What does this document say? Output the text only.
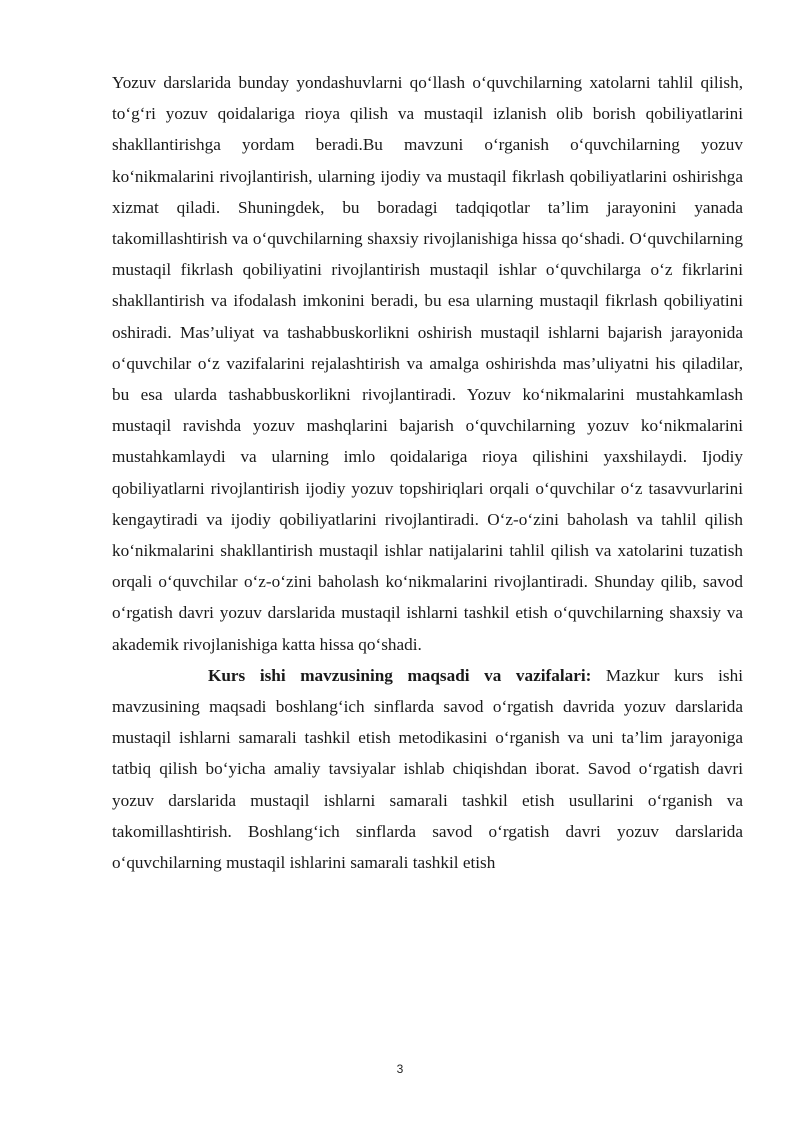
Yozuv darslarida bunday yondashuvlarni qo‘llash o‘quvchilarning xatolarni tahlil qilish, to‘g‘ri yozuv qoidalariga rioya qilish va mustaqil izlanish olib borish qobiliyatlarini shakllantirishga yordam beradi.Bu mavzuni o‘rganish o‘quvchilarning yozuv ko‘nikmalarini rivojlantirish, ularning ijodiy va mustaqil fikrlash qobiliyatlarini oshirishga xizmat qiladi. Shuningdek, bu boradagi tadqiqotlar ta’lim jarayonini yanada takomillashtirish va o‘quvchilarning shaxsiy rivojlanishiga hissa qo‘shadi. O‘quvchilarning mustaqil fikrlash qobiliyatini rivojlantirish mustaqil ishlar o‘quvchilarga o‘z fikrlarini shakllantirish va ifodalash imkonini beradi, bu esa ularning mustaqil fikrlash qobiliyatini oshiradi. Mas’uliyat va tashabbuskorlikni oshirish mustaqil ishlarni bajarish jarayonida o‘quvchilar o‘z vazifalarini rejalashtirish va amalga oshirishda mas’uliyatni his qiladilar, bu esa ularda tashabbuskorlikni rivojlantiradi. Yozuv ko‘nikmalarini mustahkamlash mustaqil ravishda yozuv mashqlarini bajarish o‘quvchilarning yozuv ko‘nikmalarini mustahkamlaydi va ularning imlo qoidalariga rioya qilishini yaxshilaydi. Ijodiy qobiliyatlarni rivojlantirish ijodiy yozuv topshiriqlari orqali o‘quvchilar o‘z tasavvurlarini kengaytiradi va ijodiy qobiliyatlarini rivojlantiradi. O‘z-o‘zini baholash va tahlil qilish ko‘nikmalarini shakllantirish mustaqil ishlar natijalarini tahlil qilish va xatolarini tuzatish orqali o‘quvchilar o‘z-o‘zini baholash ko‘nikmalarini rivojlantiradi. Shunday qilib, savod o‘rgatish davri yozuv darslarida mustaqil ishlarni tashkil etish o‘quvchilarning shaxsiy va akademik rivojlanishiga katta hissa qo‘shadi.

Kurs ishi mavzusining maqsadi va vazifalari: Mazkur kurs ishi mavzusining maqsadi boshlang‘ich sinflarda savod o‘rgatish davrida yozuv darslarida mustaqil ishlarni samarali tashkil etish metodikasini o‘rganish va uni ta’lim jarayoniga tatbiq qilish bo‘yicha amaliy tavsiyalar ishlab chiqishdan iborat. Savod o‘rgatish davri yozuv darslarida mustaqil ishlarni samarali tashkil etish usullarini o‘rganish va takomillashtirish. Boshlang‘ich sinflarda savod o‘rgatish davri yozuv darslarida o‘quvchilarning mustaqil ishlarini samarali tashkil etish

3
